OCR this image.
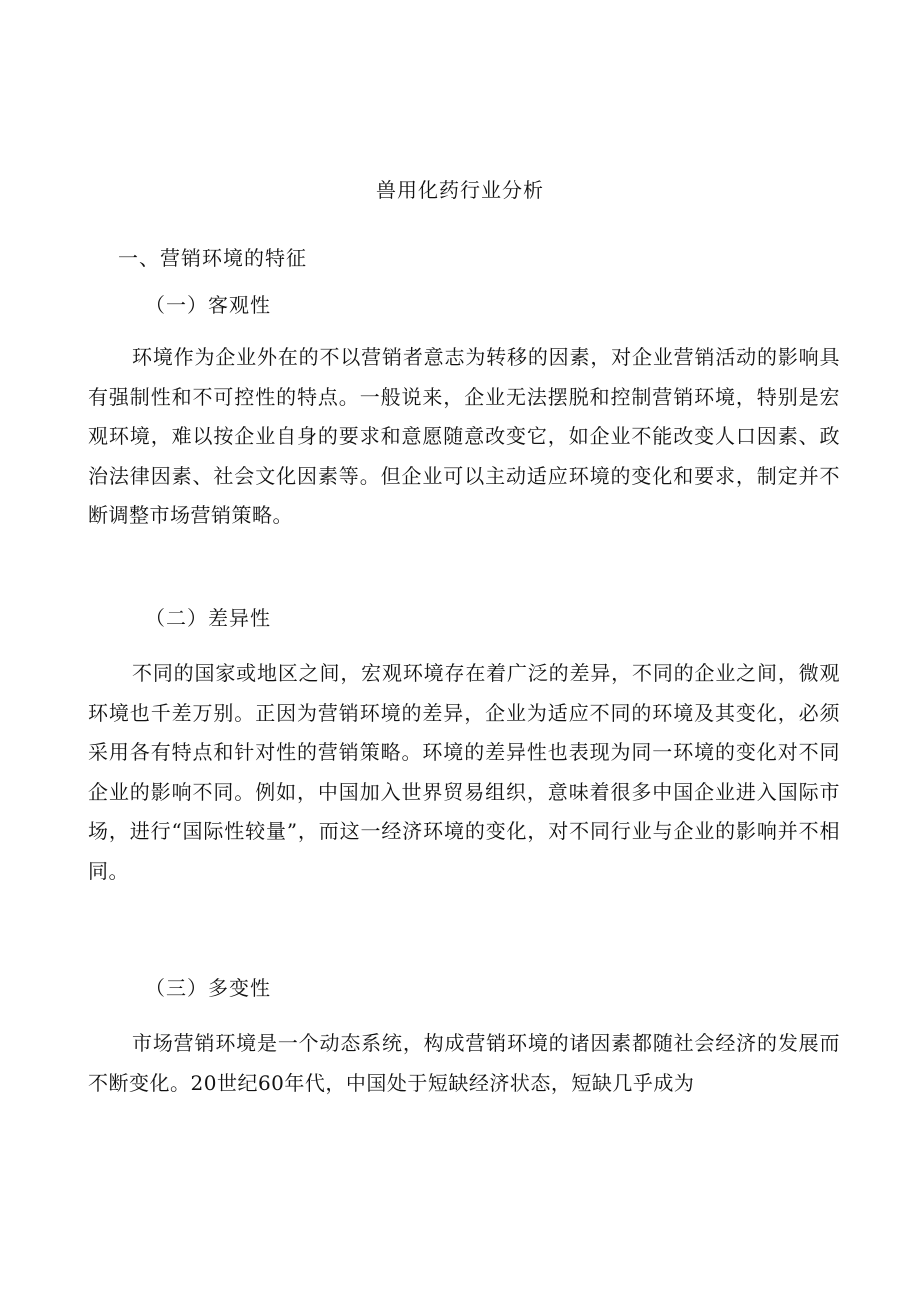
兽用化药行业分析
一、营销环境的特征
（一）客观性
环境作为企业外在的不以营销者意志为转移的因素，对企业营销活动的影响具有强制性和不可控性的特点。一般说来，企业无法摆脱和控制营销环境，特别是宏观环境，难以按企业自身的要求和意愿随意改变它，如企业不能改变人口因素、政治法律因素、社会文化因素等。但企业可以主动适应环境的变化和要求，制定并不断调整市场营销策略。
（二）差异性
不同的国家或地区之间，宏观环境存在着广泛的差异，不同的企业之间，微观环境也千差万别。正因为营销环境的差异，企业为适应不同的环境及其变化，必须采用各有特点和针对性的营销策略。环境的差异性也表现为同一环境的变化对不同企业的影响不同。例如，中国加入世界贸易组织，意味着很多中国企业进入国际市场，进行“国际性较量”，而这一经济环境的变化，对不同行业与企业的影响并不相同。
（三）多变性
市场营销环境是一个动态系统，构成营销环境的诸因素都随社会经济的发展而不断变化。20世纪60年代，中国处于短缺经济状态，短缺几乎成为
